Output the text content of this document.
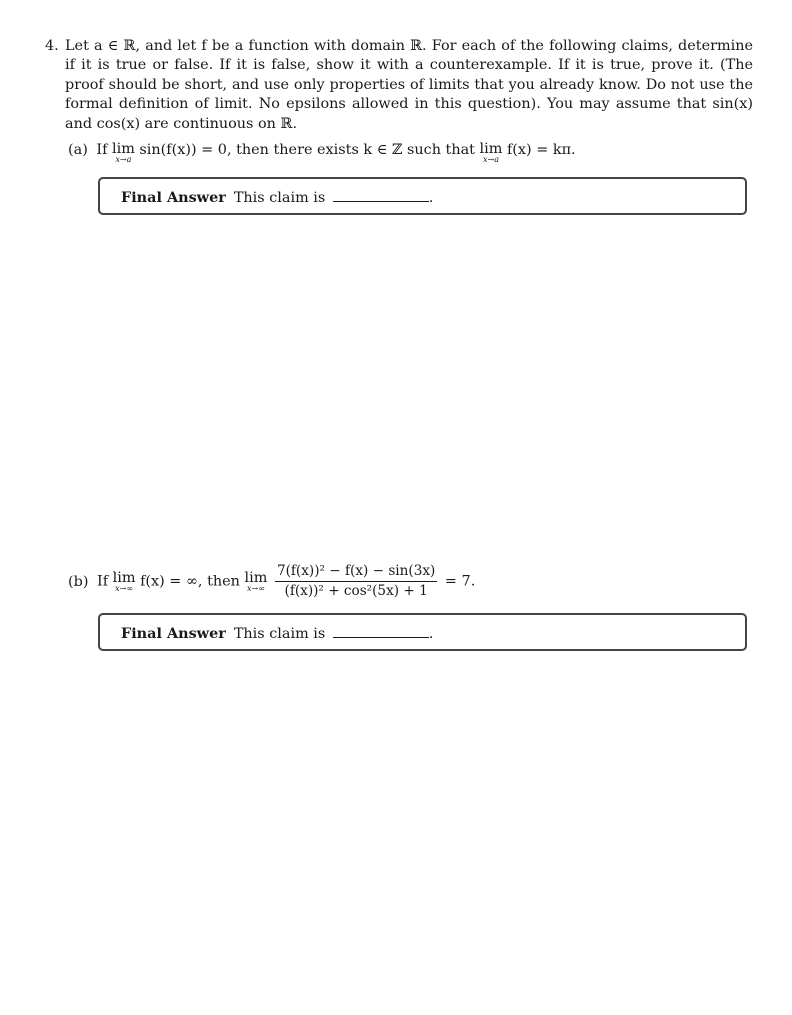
4. Let a ∈ ℝ, and let f be a function with domain ℝ. For each of the following claims, determine if it is true or false. If it is false, show it with a counterexample. If it is true, prove it. (The proof should be short, and use only properties of limits that you already know. Do not use the formal definition of limit. No epsilons allowed in this question). You may assume that sin(x) and cos(x) are continuous on ℝ.
(a) If lim
x→a
sin(f(x)) = 0, then there exists k ∈ ℤ such that lim
x→a
f(x) = kπ.
Final Answer This claim is	.
(b) If lim
x→∞ f(x) = ∞, then lim
x→∞
$\frac{\text{7(f(x))² − f(x) − sin(3x)}}{\text{(f(x))² + cos²(5x) + 1}} = 7$.
Final Answer This claim is	.
